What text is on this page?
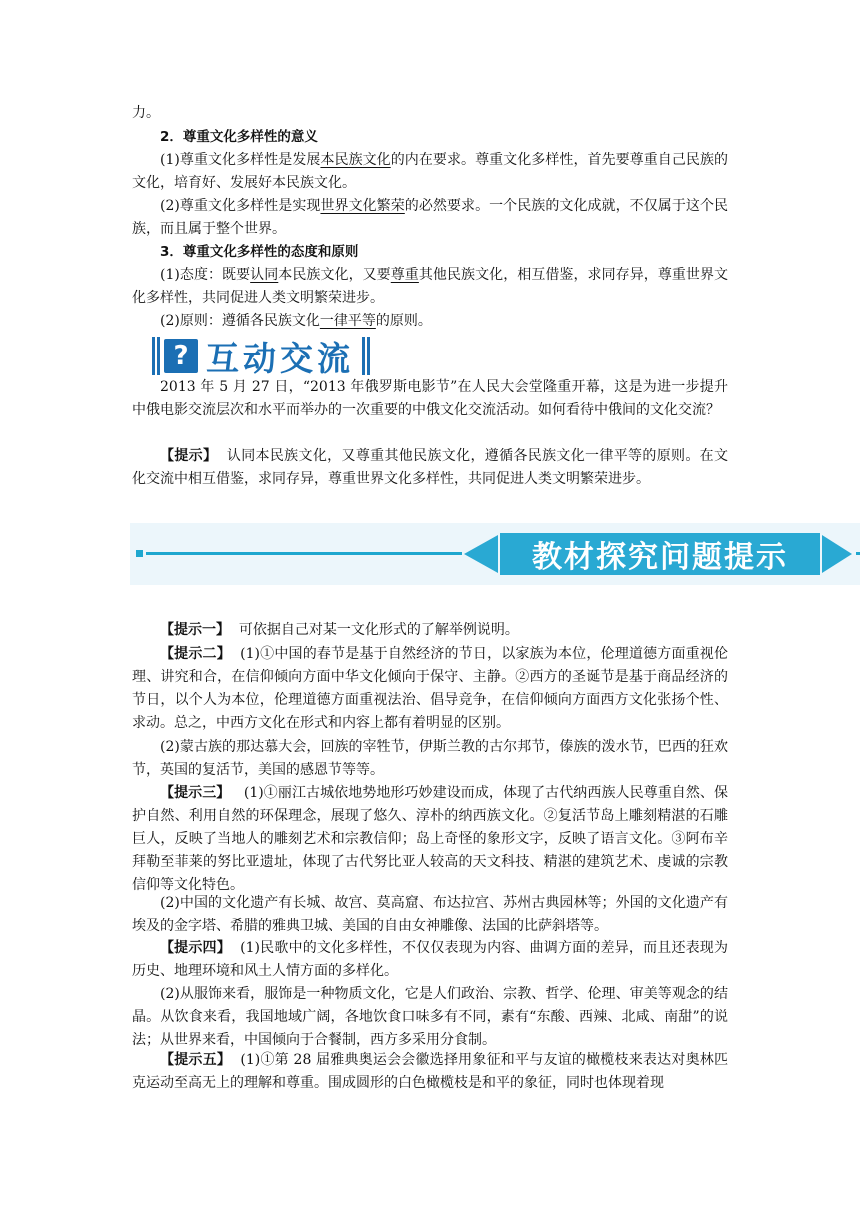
力。

2．尊重文化多样性的意义

(1)尊重文化多样性是发展本民族文化的内在要求。尊重文化多样性，首先要尊重自己民族的文化，培育好、发展好本民族文化。

(2)尊重文化多样性是实现世界文化繁荣的必然要求。一个民族的文化成就，不仅属于这个民族，而且属于整个世界。

3．尊重文化多样性的态度和原则

(1)态度：既要认同本民族文化，又要尊重其他民族文化，相互借鉴，求同存异，尊重世界文化多样性，共同促进人类文明繁荣进步。

(2)原则：遵循各民族文化一律平等的原则。

? 互动交流

2013 年 5 月 27 日，“2013 年俄罗斯电影节”在人民大会堂隆重开幕，这是为进一步提升中俄电影交流层次和水平而举办的一次重要的中俄文化交流活动。如何看待中俄间的文化交流？

【提示】 认同本民族文化，又尊重其他民族文化，遵循各民族文化一律平等的原则。在文化交流中相互借鉴，求同存异，尊重世界文化多样性，共同促进人类文明繁荣进步。

教材探究问题提示

【提示一】 可依据自己对某一文化形式的了解举例说明。

【提示二】 (1)①中国的春节是基于自然经济的节日，以家族为本位，伦理道德方面重视伦理、讲究和合，在信仰倾向方面中华文化倾向于保守、主静。②西方的圣诞节是基于商品经济的节日，以个人为本位，伦理道德方面重视法治、倡导竞争，在信仰倾向方面西方文化张扬个性、求动。总之，中西方文化在形式和内容上都有着明显的区别。

(2)蒙古族的那达慕大会，回族的宰牲节，伊斯兰教的古尔邦节，傣族的泼水节，巴西的狂欢节，英国的复活节，美国的感恩节等等。

【提示三】 (1)①丽江古城依地势地形巧妙建设而成，体现了古代纳西族人民尊重自然、保护自然、利用自然的环保理念，展现了悠久、淳朴的纳西族文化。②复活节岛上雕刻精湛的石雕巨人，反映了当地人的雕刻艺术和宗教信仰；岛上奇怪的象形文字，反映了语言文化。③阿布辛拜勒至菲莱的努比亚遗址，体现了古代努比亚人较高的天文科技、精湛的建筑艺术、虔诚的宗教信仰等文化特色。

(2)中国的文化遗产有长城、故宫、莫高窟、布达拉宫、苏州古典园林等；外国的文化遗产有埃及的金字塔、希腊的雅典卫城、美国的自由女神雕像、法国的比萨斜塔等。

【提示四】 (1)民歌中的文化多样性，不仅仅表现为内容、曲调方面的差异，而且还表现为历史、地理环境和风土人情方面的多样化。

(2)从服饰来看，服饰是一种物质文化，它是人们政治、宗教、哲学、伦理、审美等观念的结晶。从饮食来看，我国地域广阔，各地饮食口味多有不同，素有“东酸、西辣、北咸、南甜”的说法；从世界来看，中国倾向于合餐制，西方多采用分食制。

【提示五】 (1)①第 28 届雅典奥运会会徽选择用象征和平与友谊的橄榄枝来表达对奥林匹克运动至高无上的理解和尊重。围成圆形的白色橄榄枝是和平的象征，同时也体现着现
